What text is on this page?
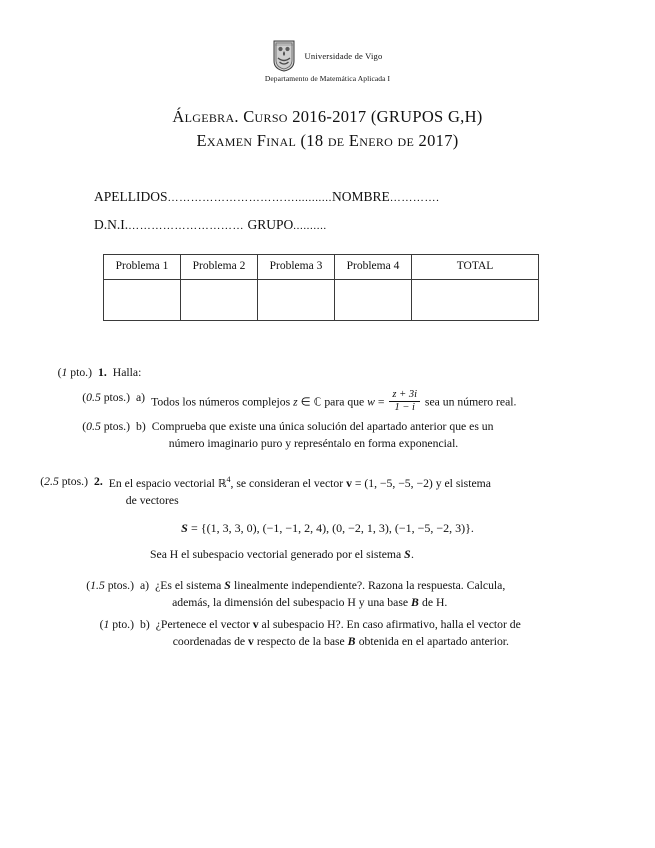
Universidade de Vigo
Departamento de Matemática Aplicada I
Álgebra. Curso 2016-2017 (GRUPOS G,H)
Examen Final (18 de Enero de 2017)
APELLIDOS……………………………...........NOMBRE………….
D.N.I.………………………… GRUPO..........
Problema 1	Problema 2	Problema 3	Problema 4	TOTAL

(1 pto.) 1. Halla:
(0.5 ptos.) a) Todos los números complejos z ∈ ℂ para que $w = \frac{z + 3i}{1 - i}$ sea un número real.
(0.5 ptos.) b) Comprueba que existe una única solución del apartado anterior que es un
número imaginario puro y represéntalo en forma exponencial.
(2.5 ptos.) 2. En el espacio vectorial ℝ$^4$, se consideran el vector v = (1, −5, −5, −2) y el sistema
de vectores
S = {(1, 3, 3, 0), (−1, −1, 2, 4), (0, −2, 1, 3), (−1, −5, −2, 3)}.
Sea H el subespacio vectorial generado por el sistema S.
(1.5 ptos.) a) ¿Es el sistema S linealmente independiente?. Razona la respuesta. Calcula,
además, la dimensión del subespacio H y una base B de H.
(1 pto.) b) ¿Pertenece el vector v al subespacio H?. En caso afirmativo, halla el vector de
coordenadas de v respecto de la base B obtenida en el apartado anterior.
